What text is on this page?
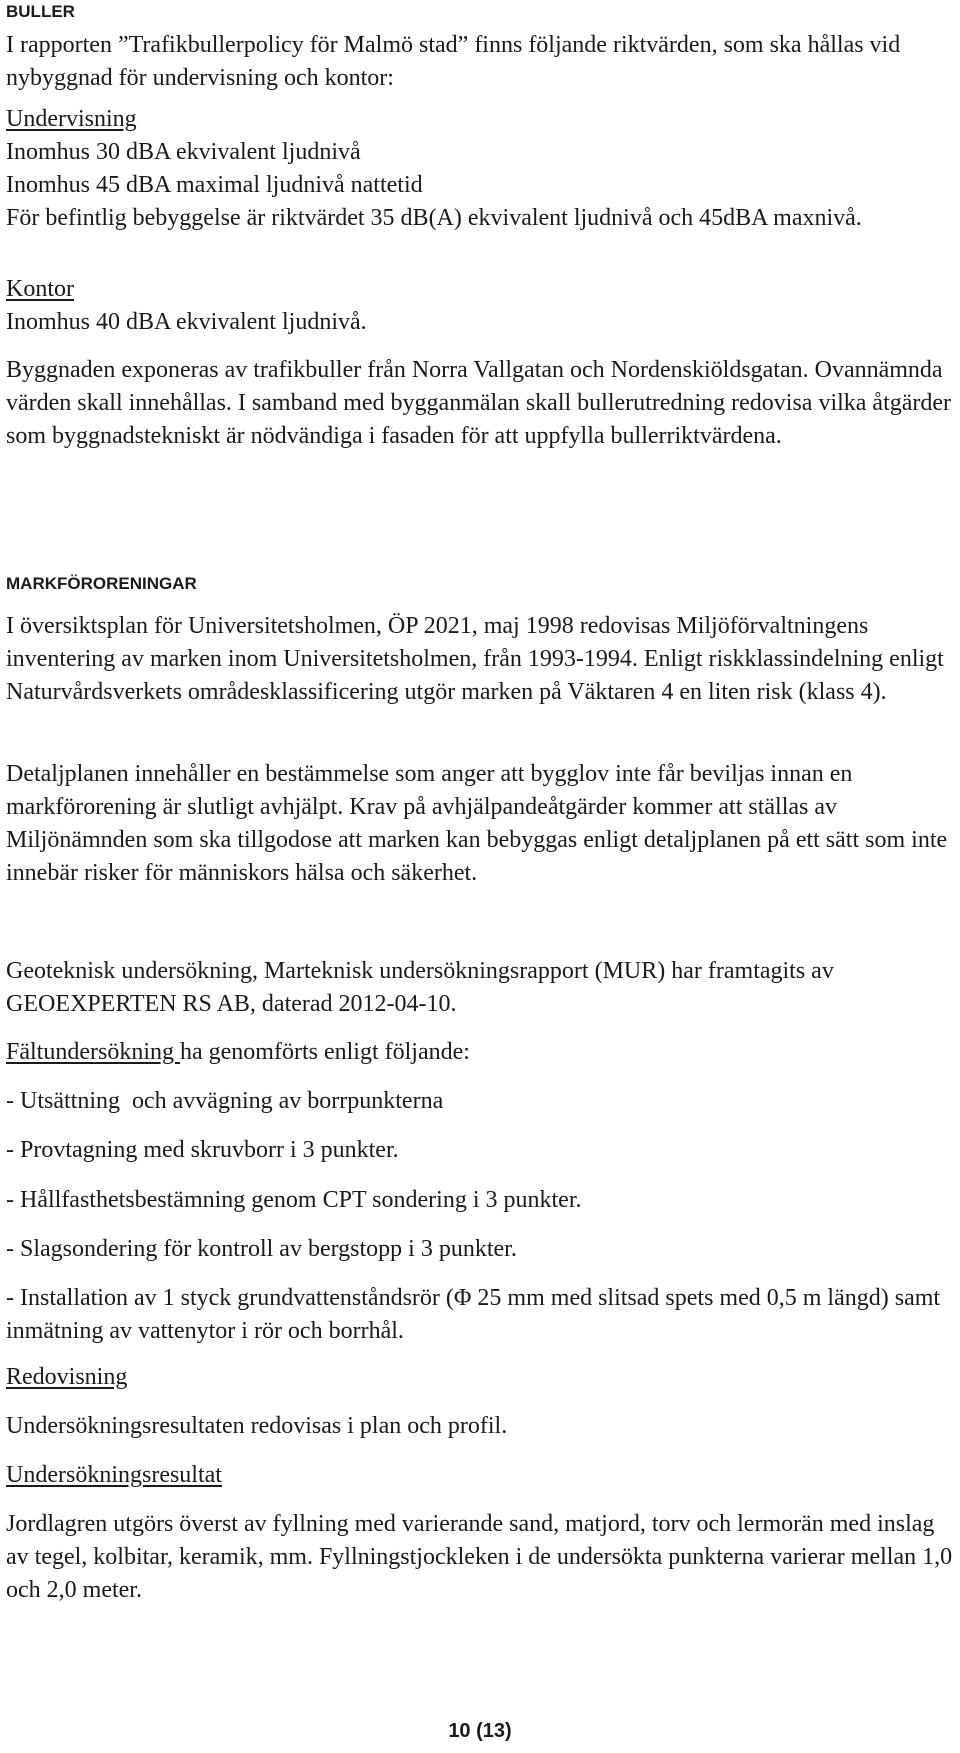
BULLER
I rapporten ”Trafikbullerpolicy för Malmö stad” finns följande riktvärden, som ska hållas vid nybyggnad för undervisning och kontor:
Undervisning
Inomhus 30 dBA ekvivalent ljudnivå
Inomhus 45 dBA maximal ljudnivå nattetid
För befintlig bebyggelse är riktvärdet 35 dB(A) ekvivalent ljudnivå och 45dBA maxnivå.
Kontor
Inomhus 40 dBA ekvivalent ljudnivå.
Byggnaden exponeras av trafikbuller från Norra Vallgatan och Nordenskiöldsgatan. Ovannämnda värden skall innehållas. I samband med bygganmälan skall bullerutredning redovisa vilka åtgärder som byggnadstekniskt är nödvändiga i fasaden för att uppfylla bullerriktvärdena.
MARKFÖRORENINGAR
I översiktsplan för Universitetsholmen, ÖP 2021, maj 1998 redovisas Miljöförvaltningens inventering av marken inom Universitetsholmen, från 1993-1994. Enligt riskklassindelning enligt Naturvårdsverkets områdesklassificering utgör marken på Väktaren 4 en liten risk (klass 4).
Detaljplanen innehåller en bestämmelse som anger att bygglov inte får beviljas innan en markförorening är slutligt avhjälpt. Krav på avhjälpandeåtgärder kommer att ställas av Miljönämnden som ska tillgodose att marken kan bebyggas enligt detaljplanen på ett sätt som inte innebär risker för människors hälsa och säkerhet.
Geoteknisk undersökning, Marteknisk undersökningsrapport (MUR) har framtagits av GEOEXPERTEN RS AB, daterad 2012-04-10.
Fältundersökning ha genomförts enligt följande:
- Utsättning  och avvägning av borrpunkterna
- Provtagning med skruvborr i 3 punkter.
- Hållfasthetsbestämning genom CPT sondering i 3 punkter.
- Slagsondering för kontroll av bergstopp i 3 punkter.
- Installation av 1 styck grundvattenståndsrör (Φ 25 mm med slitsad spets med 0,5 m längd) samt inmätning av vattenytor i rör och borrhål.
Redovisning
Undersökningsresultaten redovisas i plan och profil.
Undersökningsresultat
Jordlagren utgörs överst av fyllning med varierande sand, matjord, torv och lermorän med inslag av tegel, kolbitar, keramik, mm. Fyllningstjockleken i de undersökta punkterna varierar mellan 1,0 och 2,0 meter.
10 (13)
